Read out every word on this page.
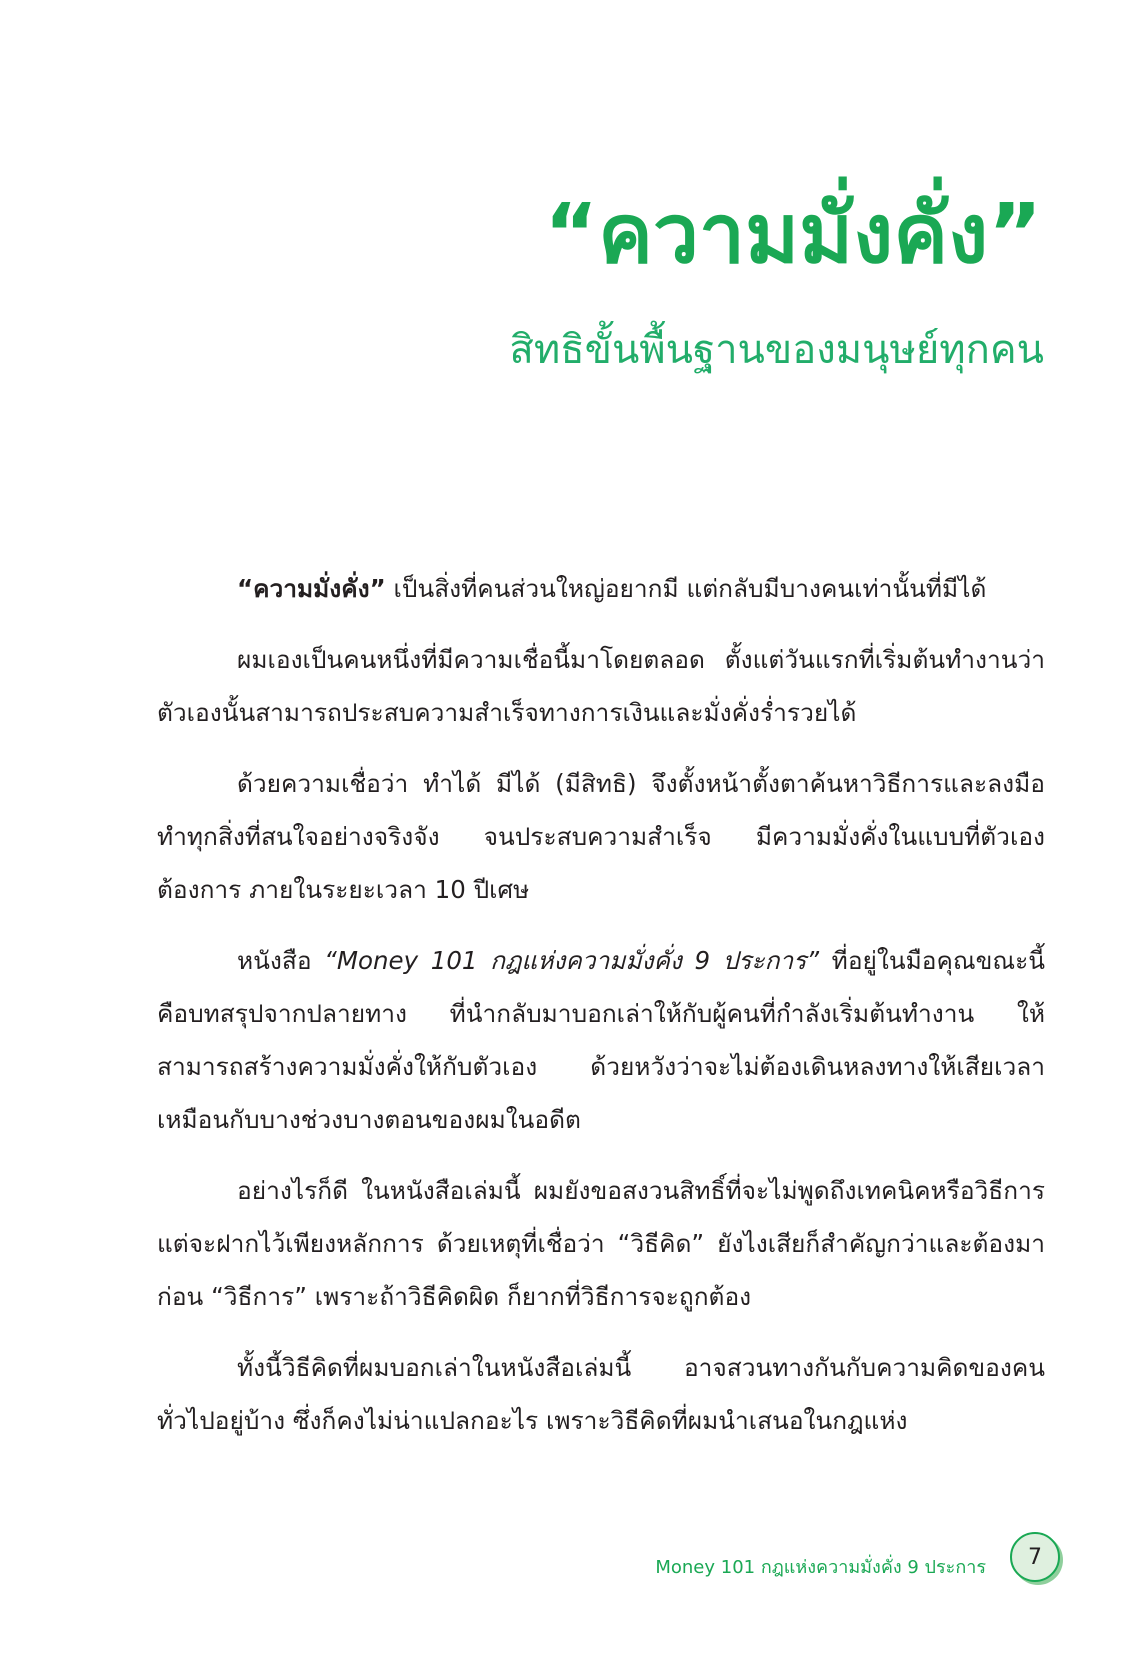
“ความมั่งคั่ง”
สิทธิขั้นพื้นฐานของมนุษย์ทุกคน

“ความมั่งคั่ง” เป็นสิ่งที่คนส่วนใหญ่อยากมี แต่กลับมีบางคนเท่านั้นที่มีได้

ผมเองเป็นคนหนึ่งที่มีความเชื่อนี้มาโดยตลอด ตั้งแต่วันแรกที่เริ่มต้นทำงานว่า ตัวเองนั้นสามารถประสบความสำเร็จทางการเงินและมั่งคั่งร่ำรวยได้

ด้วยความเชื่อว่า ทำได้ มีได้ (มีสิทธิ) จึงตั้งหน้าตั้งตาค้นหาวิธีการและลงมือทำทุกสิ่งที่สนใจอย่างจริงจัง จนประสบความสำเร็จ มีความมั่งคั่งในแบบที่ตัวเองต้องการ ภายในระยะเวลา 10 ปีเศษ

หนังสือ “Money 101 กฎแห่งความมั่งคั่ง 9 ประการ” ที่อยู่ในมือคุณขณะนี้ คือบทสรุปจากปลายทาง ที่นำกลับมาบอกเล่าให้กับผู้คนที่กำลังเริ่มต้นทำงาน ให้สามารถสร้างความมั่งคั่งให้กับตัวเอง ด้วยหวังว่าจะไม่ต้องเดินหลงทางให้เสียเวลา เหมือนกับบางช่วงบางตอนของผมในอดีต

อย่างไรก็ดี ในหนังสือเล่มนี้ ผมยังขอสงวนสิทธิ์ที่จะไม่พูดถึงเทคนิคหรือวิธีการ แต่จะฝากไว้เพียงหลักการ ด้วยเหตุที่เชื่อว่า “วิธีคิด” ยังไงเสียก็สำคัญกว่าและต้องมาก่อน “วิธีการ” เพราะถ้าวิธีคิดผิด ก็ยากที่วิธีการจะถูกต้อง

ทั้งนี้วิธีคิดที่ผมบอกเล่าในหนังสือเล่มนี้ อาจสวนทางกันกับความคิดของคนทั่วไปอยู่บ้าง ซึ่งก็คงไม่น่าแปลกอะไร เพราะวิธีคิดที่ผมนำเสนอในกฎแห่ง

Money 101 กฎแห่งความมั่งคั่ง 9 ประการ 7
